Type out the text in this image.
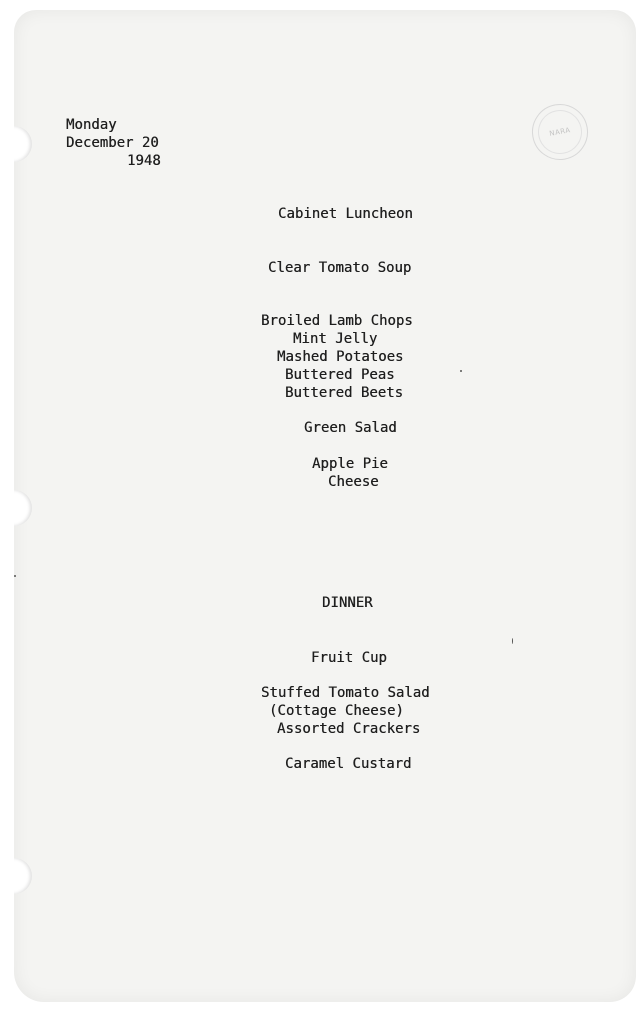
NARA
Monday
December 20
1948
Cabinet Luncheon
Clear Tomato Soup
Broiled Lamb Chops
Mint Jelly
Mashed Potatoes
Buttered Peas
Buttered Beets
Green Salad
Apple Pie
Cheese
DINNER
Fruit Cup
Stuffed Tomato Salad
(Cottage Cheese)
Assorted Crackers
Caramel Custard
